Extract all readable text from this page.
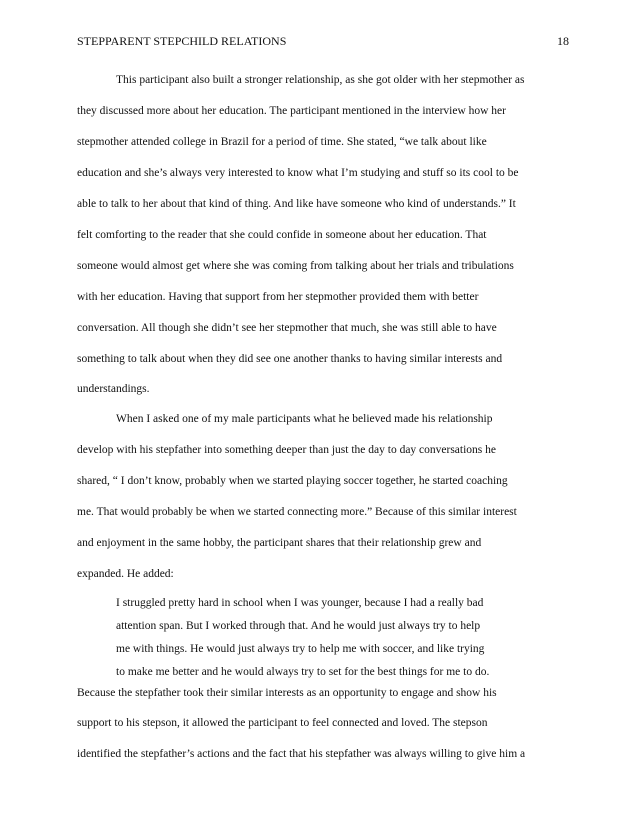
STEPPARENT STEPCHILD RELATIONS	18
This participant also built a stronger relationship, as she got older with her stepmother as
they discussed more about her education. The participant mentioned in the interview how her
stepmother attended college in Brazil for a period of time. She stated, “we talk about like
education and she’s always very interested to know what I’m studying and stuff so its cool to be
able to talk to her about that kind of thing. And like have someone who kind of understands.” It
felt comforting to the reader that she could confide in someone about her education. That
someone would almost get where she was coming from talking about her trials and tribulations
with her education. Having that support from her stepmother provided them with better
conversation. All though she didn’t see her stepmother that much, she was still able to have
something to talk about when they did see one another thanks to having similar interests and
understandings.
When I asked one of my male participants what he believed made his relationship
develop with his stepfather into something deeper than just the day to day conversations he
shared, “ I don’t know, probably when we started playing soccer together, he started coaching
me. That would probably be when we started connecting more.” Because of this similar interest
and enjoyment in the same hobby, the participant shares that their relationship grew and
expanded. He added:
I struggled pretty hard in school when I was younger, because I had a really bad
attention span. But I worked through that. And he would just always try to help
me with things. He would just always try to help me with soccer, and like trying
to make me better and he would always try to set for the best things for me to do.
Because the stepfather took their similar interests as an opportunity to engage and show his
support to his stepson, it allowed the participant to feel connected and loved. The stepson
identified the stepfather’s actions and the fact that his stepfather was always willing to give him a
